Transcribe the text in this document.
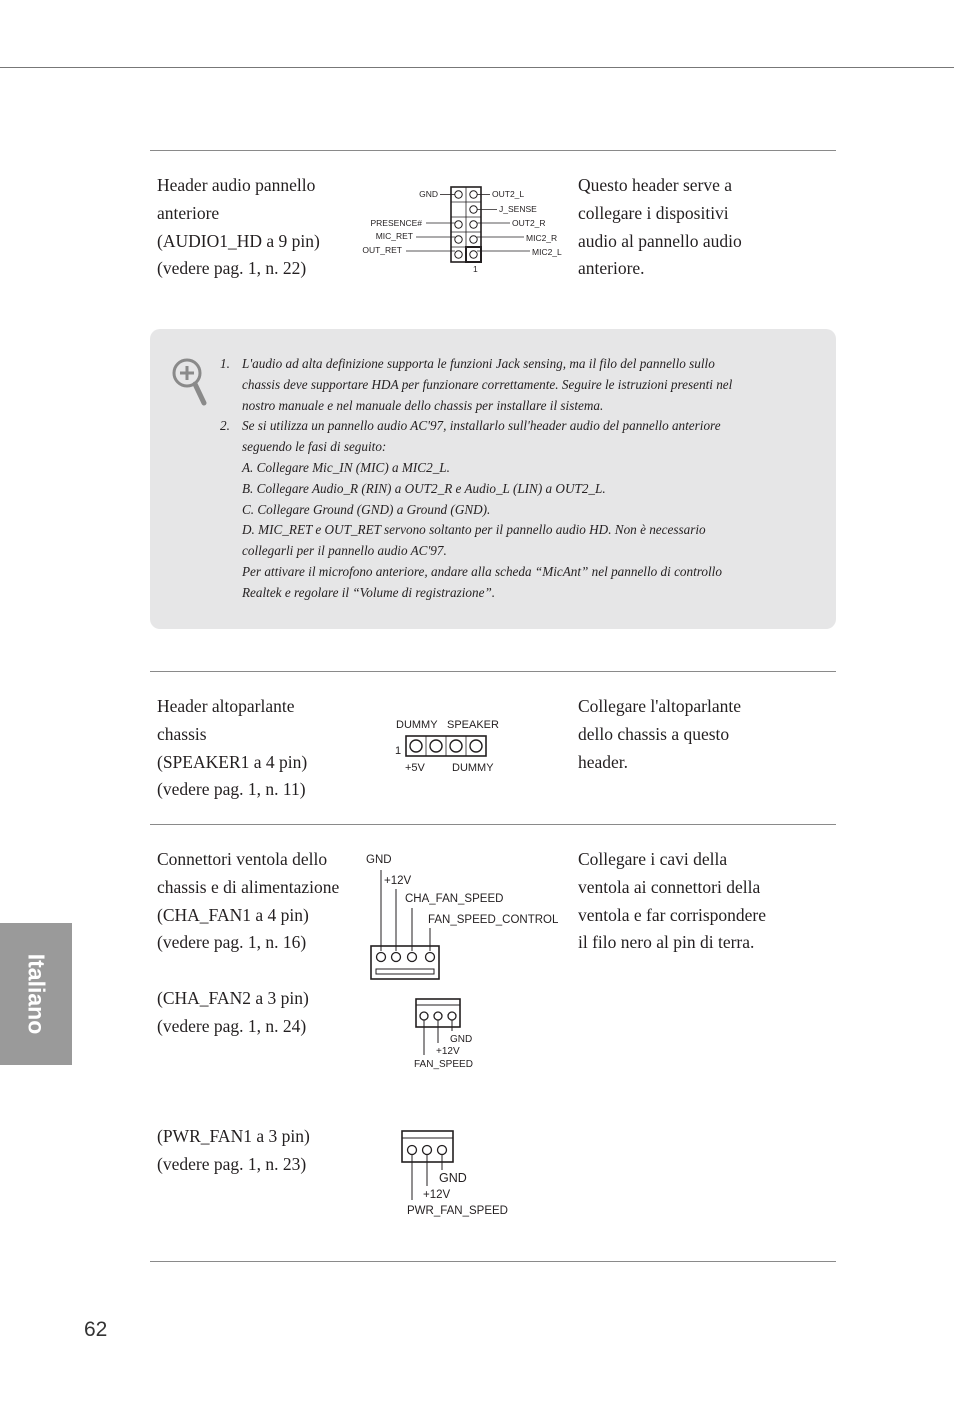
Italiano
62
Header audio pannello
anteriore
(AUDIO1_HD a 9 pin)
(vedere pag. 1, n. 22)
Questo header serve a
collegare i dispositivi
audio al pannello audio
anteriore.
GND
PRESENCE#
MIC_RET
OUT_RET
OUT2_L
J_SENSE
OUT2_R
MIC2_R
MIC2_L
1
1. L'audio ad alta definizione supporta le funzioni Jack sensing, ma il filo del pannello sullo
chassis deve supportare HDA per funzionare correttamente. Seguire le istruzioni presenti nel
nostro manuale e nel manuale dello chassis per installare il sistema.
2. Se si utilizza un pannello audio AC'97, installarlo sull'header audio del pannello anteriore
seguendo le fasi di seguito:
A. Collegare Mic_IN (MIC) a MIC2_L.
B. Collegare Audio_R (RIN) a OUT2_R e Audio_L (LIN) a OUT2_L.
C. Collegare Ground (GND) a Ground (GND).
D. MIC_RET e OUT_RET servono soltanto per il pannello audio HD. Non è necessario
collegarli per il pannello audio AC'97.
Per attivare il microfono anteriore, andare alla scheda “MicAnt” nel pannello di controllo
Realtek e regolare il “Volume di registrazione”.
Header altoparlante
chassis
(SPEAKER1 a 4 pin)
(vedere pag. 1, n. 11)
Collegare l'altoparlante
dello chassis a questo
header.
DUMMY SPEAKER
1
+5V DUMMY
Connettori ventola dello
chassis e di alimentazione
(CHA_FAN1 a 4 pin)
(vedere pag. 1, n. 16)
(CHA_FAN2 a 3 pin)
(vedere pag. 1, n. 24)
(PWR_FAN1 a 3 pin)
(vedere pag. 1, n. 23)
Collegare i cavi della
ventola ai connettori della
ventola e far corrispondere
il filo nero al pin di terra.
GND
+12V
CHA_FAN_SPEED
FAN_SPEED_CONTROL
GND
+12V
FAN_SPEED
GND
+12V
PWR_FAN_SPEED
